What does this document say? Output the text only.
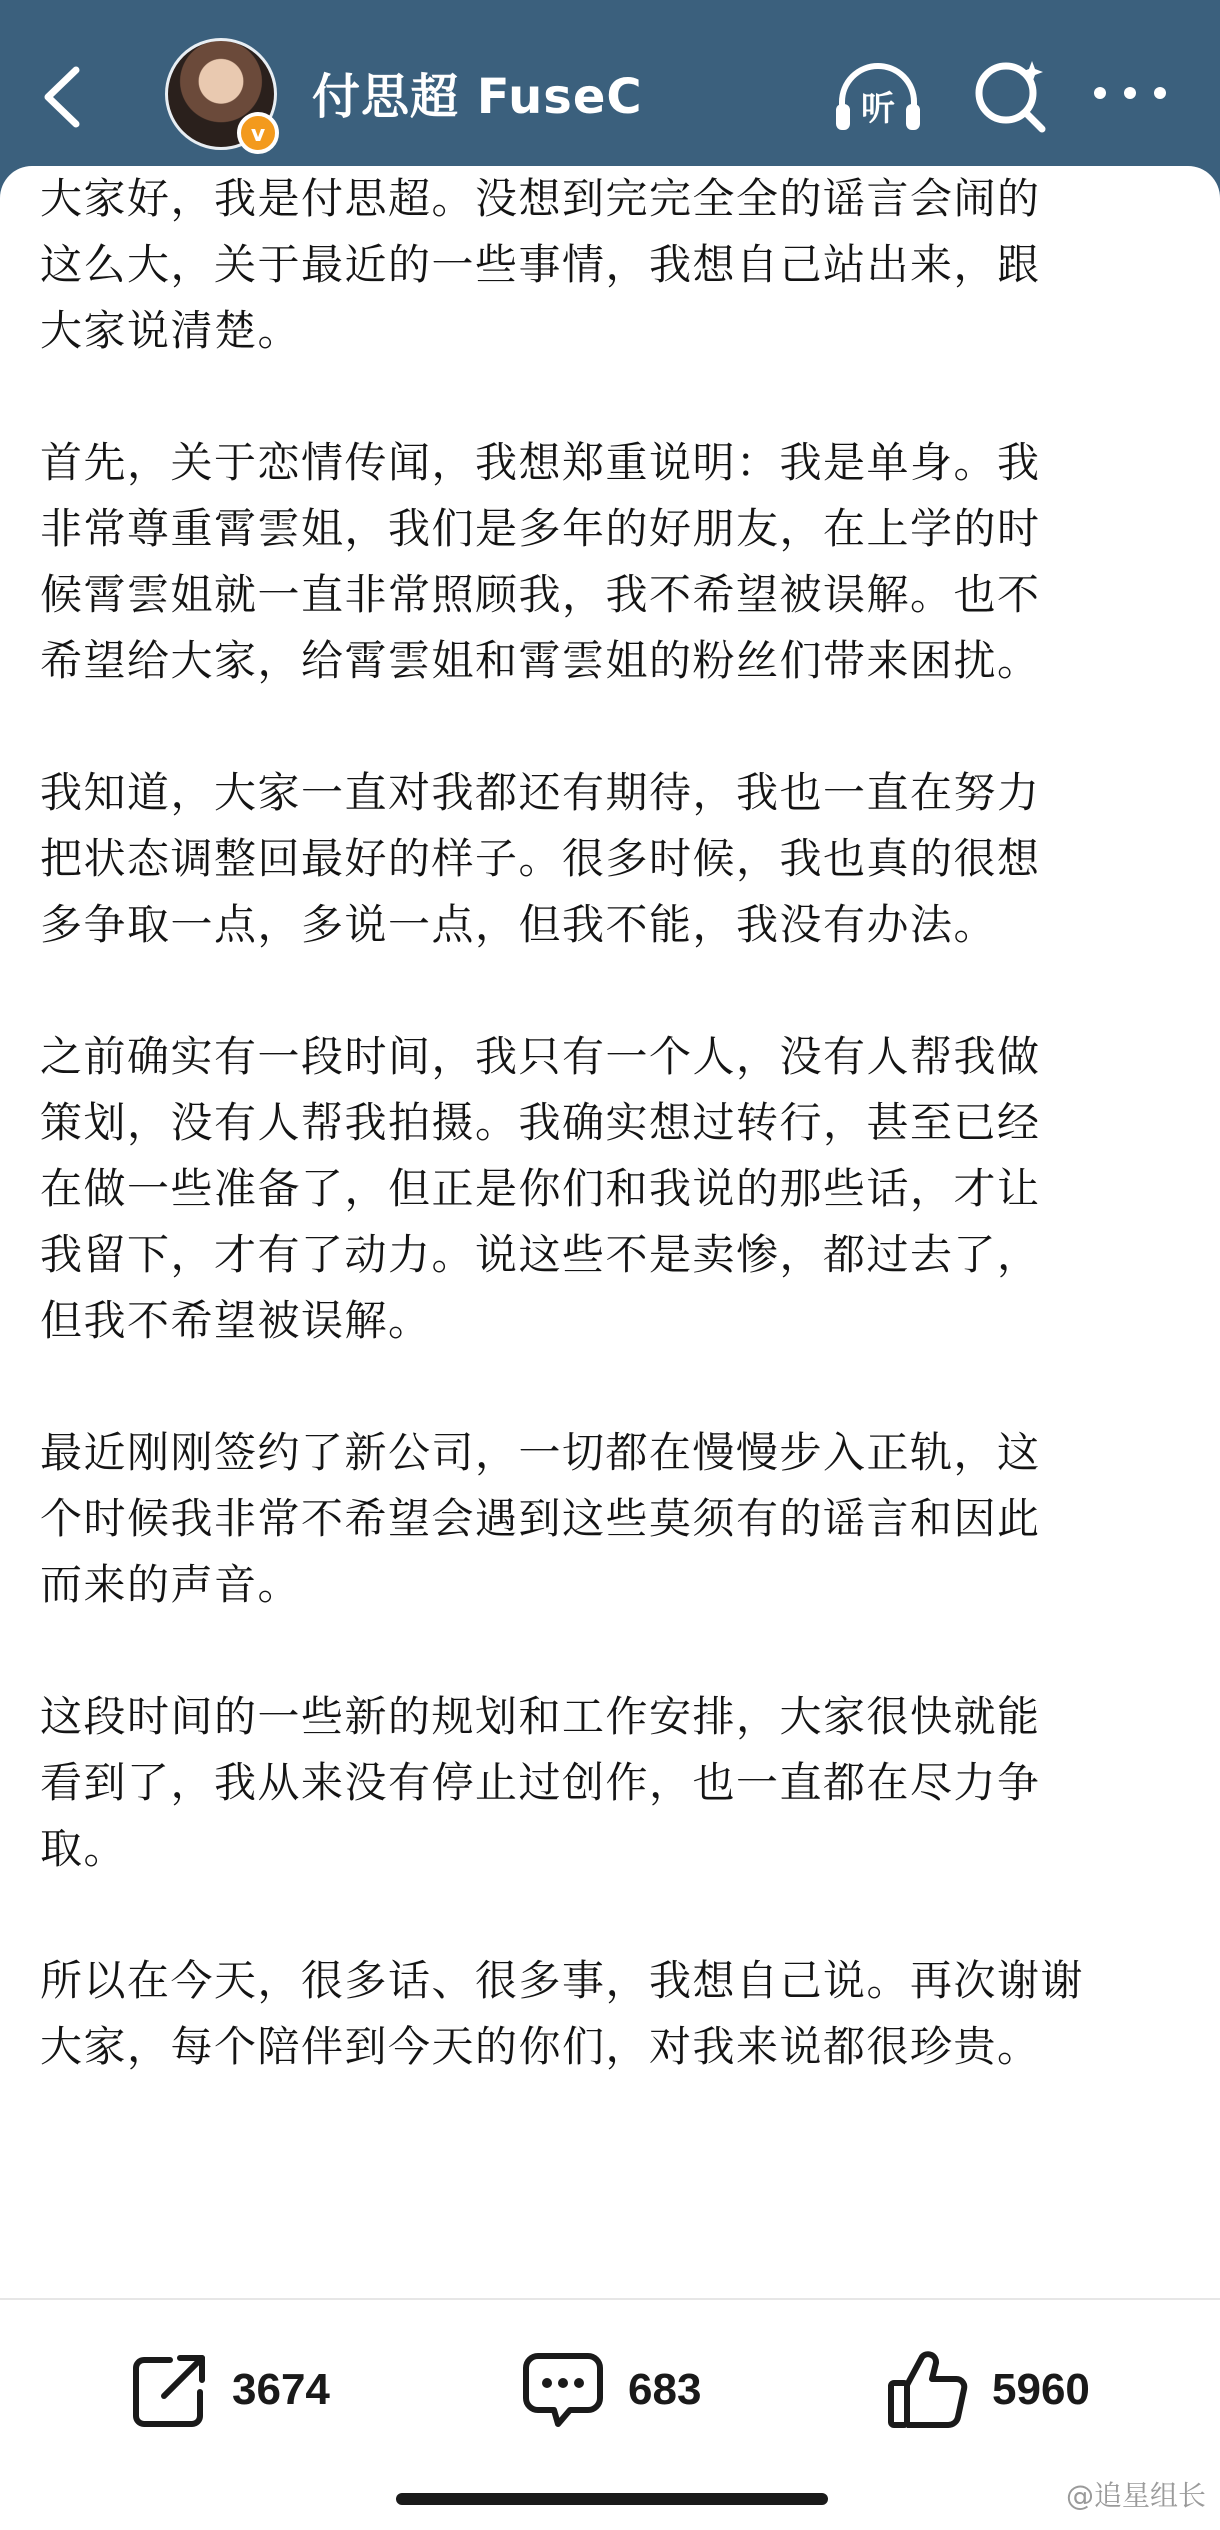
v
付思超 FuseC	听

大家好，我是付思超。没想到完完全全的谣言会闹的
这么大，关于最近的一些事情，我想自己站出来，跟
大家说清楚。

首先，关于恋情传闻，我想郑重说明：我是单身。我
非常尊重霄雲姐，我们是多年的好朋友，在上学的时
候霄雲姐就一直非常照顾我，我不希望被误解。也不
希望给大家，给霄雲姐和霄雲姐的粉丝们带来困扰。

我知道，大家一直对我都还有期待，我也一直在努力
把状态调整回最好的样子。很多时候，我也真的很想
多争取一点，多说一点，但我不能，我没有办法。

之前确实有一段时间，我只有一个人，没有人帮我做
策划，没有人帮我拍摄。我确实想过转行，甚至已经
在做一些准备了，但正是你们和我说的那些话，才让
我留下，才有了动力。说这些不是卖惨，都过去了，
但我不希望被误解。

最近刚刚签约了新公司，一切都在慢慢步入正轨，这
个时候我非常不希望会遇到这些莫须有的谣言和因此
而来的声音。

这段时间的一些新的规划和工作安排，大家很快就能
看到了，我从来没有停止过创作，也一直都在尽力争
取。

所以在今天，很多话、很多事，我想自己说。再次谢谢
大家，每个陪伴到今天的你们，对我来说都很珍贵。

3674	683	5960
@追星组长
